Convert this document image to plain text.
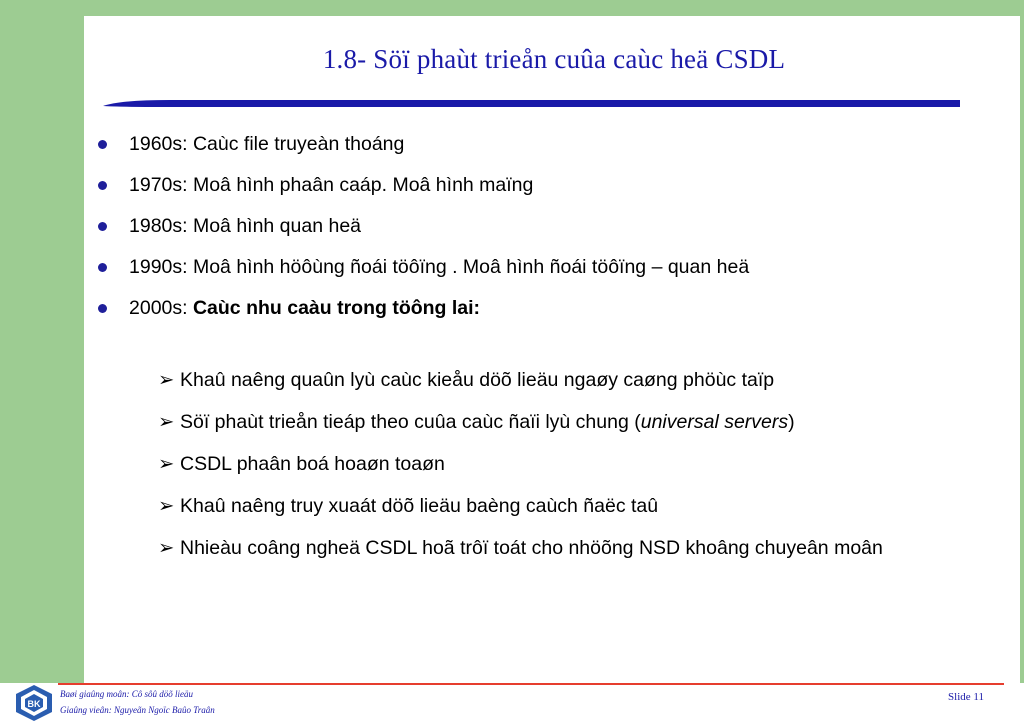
1.8- Söï phaùt trieån cuûa caùc heä CSDL
1960s: Caùc file truyeàn thoáng
1970s: Moâ hình phaân caáp. Moâ hình maïng
1980s: Moâ hình quan heä
1990s: Moâ hình höôùng ñoái töôïng . Moâ hình ñoái töôïng – quan heä
2000s: Caùc nhu caàu trong töông lai:
➢ Khaû naêng quaûn lyù caùc kieåu döõ lieäu ngaøy caøng phöùc taïp
➢ Söï phaùt trieån tieáp theo cuûa caùc ñaïi lyù chung (universal servers)
➢ CSDL phaân boá hoaøn toaøn
➢ Khaû naêng truy xuaát döõ lieäu baèng caùch ñaëc taû
➢ Nhieàu coâng ngheä CSDL hoã trôï toát cho nhöõng NSD khoâng chuyeân moân
BK
Baøi giaûng moân: Cô sôû döõ lieäu
Giaûng vieân: Nguyeãn Ngoïc Baûo Traân
Slide 11
